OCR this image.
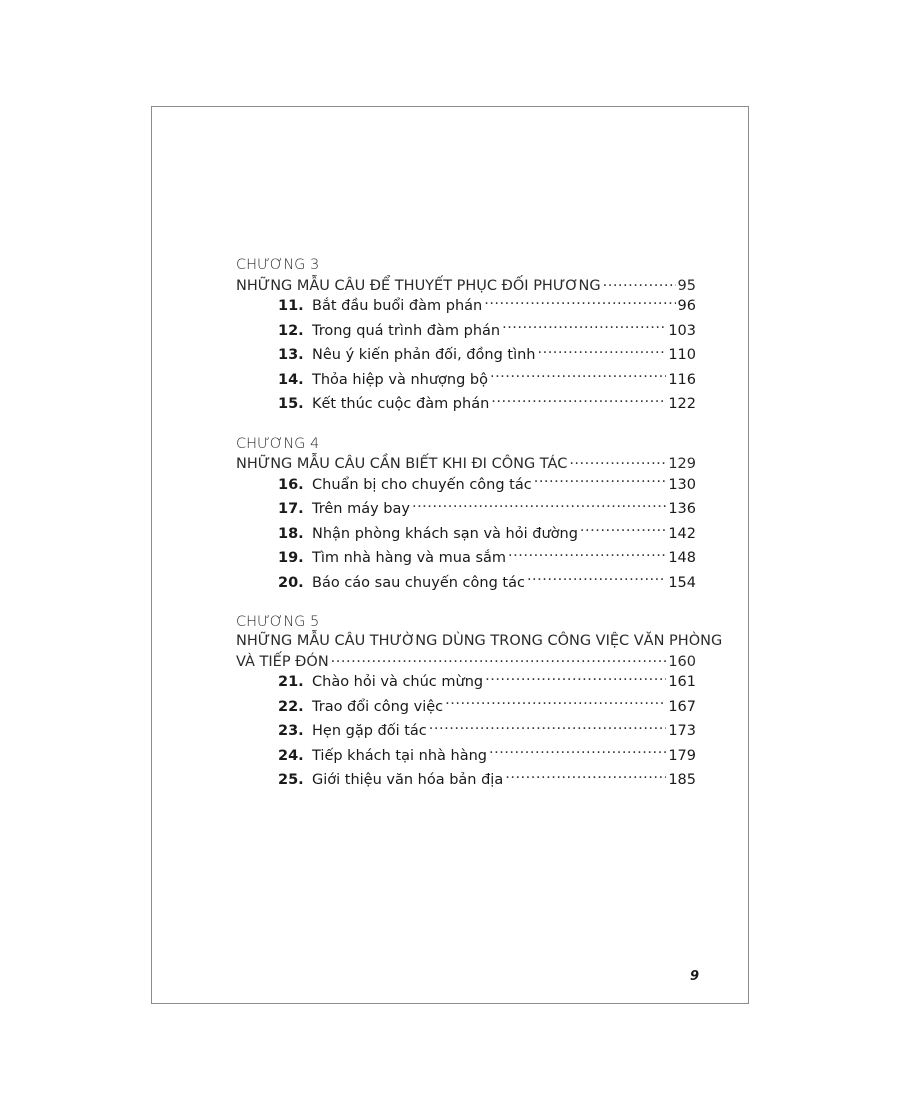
CHƯƠNG 3
NHỮNG MẪU CÂU ĐỂ THUYẾT PHỤC ĐỐI PHƯƠNG .....	95
11. Bắt đầu buổi đàm phán .....	96
12. Trong quá trình đàm phán .....	103
13. Nêu ý kiến phản đối, đồng tình .....	110
14. Thỏa hiệp và nhượng bộ .....	116
15. Kết thúc cuộc đàm phán .....	122
CHƯƠNG 4
NHỮNG MẪU CÂU CẦN BIẾT KHI ĐI CÔNG TÁC .....	129
16. Chuẩn bị cho chuyến công tác .....	130
17. Trên máy bay .....	136
18. Nhận phòng khách sạn và hỏi đường .....	142
19. Tìm nhà hàng và mua sắm .....	148
20. Báo cáo sau chuyến công tác .....	154
CHƯƠNG 5
NHỮNG MẪU CÂU THƯỜNG DÙNG TRONG CÔNG VIỆC VĂN PHÒNG
VÀ TIẾP ĐÓN .....	160
21. Chào hỏi và chúc mừng .....	161
22. Trao đổi công việc .....	167
23. Hẹn gặp đối tác .....	173
24. Tiếp khách tại nhà hàng .....	179
25. Giới thiệu văn hóa bản địa .....	185
9
